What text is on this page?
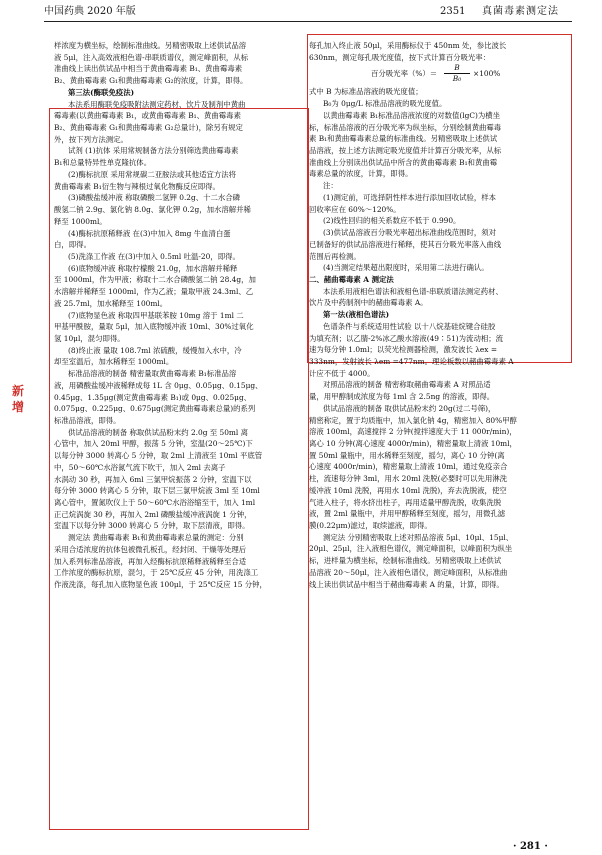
中国药典 2020 年版	2351 真菌毒素测定法
新
增

样浓度为横坐标，绘制标准曲线。另精密吸取上述供试品溶

液 5μl，注入高效液相色谱-串联质谱仪，测定峰面积，从标

准曲线上读出供试品中相当于黄曲霉毒素 B₁、黄曲霉毒素

B₂、黄曲霉毒素 G₁和黄曲霉毒素 G₂的浓度，计算，即得。

第三法(酶联免疫法)

本法系用酶联免疫吸附法测定药材、饮片及制剂中黄曲

霉毒素(以黄曲霉毒素 B₁，或黄曲霉毒素 B₁、黄曲霉毒素

B₂、黄曲霉毒素 G₁和黄曲霉毒素 G₂总量计)，除另有规定

外，按下列方法测定。

试剂 (1)抗体 采用常规制备方法分别筛选黄曲霉毒素

B₁和总量特异性单克隆抗体。

(2)酶标抗原 采用常规碳二亚胺法或其他适宜方法将

黄曲霉毒素 B₁衍生物与辣根过氧化物酶反应即得。

(3)磷酸盐缓冲液 称取磷酸二氢钾 0.2g、十二水合磷

酸氢二钠 2.9g、氯化钠 8.0g、氯化钾 0.2g，加水溶解并稀

释至 1000ml。

(4)酶标抗原稀释液 在(3)中加入 8mg 牛血清白蛋

白，即得。

(5)洗涤工作液 在(3)中加入 0.5ml 吐温-20，即得。

(6)底物缓冲液 称取柠檬酸 21.0g，加水溶解并稀释

至 1000ml，作为甲液；称取十二水合磷酸氢二钠 28.4g，加

水溶解并稀释至 1000ml，作为乙液；量取甲液 24.3ml、乙

液 25.7ml，加水稀释至 100ml。

(7)底物显色液 称取四甲基联苯胺 10mg 溶于 1ml 二

甲基甲酰胺，量取 5μl，加入底物缓冲液 10ml、30%过氧化

氢 10μl，混匀即得。

(8)终止液 量取 108.7ml 浓硫酸，缓慢加入水中，冷

却至室温后，加水稀释至 1000ml。

标准品溶液的制备 精密量取黄曲霉毒素 B₁标准品溶

液，用磷酸盐缓冲液稀释成每 1L 含 0μg、0.05μg、0.15μg、

0.45μg、1.35μg(测定黄曲霉毒素 B₁)或 0μg、0.025μg、

0.075μg、0.225μg、0.675μg(测定黄曲霉毒素总量)的系列

标准品溶液，即得。

供试品溶液的制备 称取供试品粉末约 2.0g 至 50ml 离

心管中，加入 20ml 甲醇，振荡 5 分钟，室温(20～25℃)下

以每分钟 3000 转离心 5 分钟，取 2ml 上清液至 10ml 平底管

中，50～60℃水浴氮气流下吹干，加入 2ml 去离子

水涡动 30 秒，再加入 6ml 三氯甲烷振荡 2 分钟，室温下以

每分钟 3000 转离心 5 分钟，取下层三氯甲烷液 3ml 至 10ml

离心管中，置氮吹仪上于 50～60℃水浴浴缩至干，加入 1ml

正己烷涡旋 30 秒，再加入 2ml 磷酸盐缓冲液涡旋 1 分钟，

室温下以每分钟 3000 转离心 5 分钟，取下层清液，即得。

测定法 黄曲霉毒素 B₁和黄曲霉毒素总量的测定：分别

采用合适浓度的抗体包被微孔板孔，经封闭、干燥等处理后

加入系列标准品溶液，再加入经酶标抗原稀释液稀释至合适

工作浓度的酶标抗原，混匀，于 25℃反应 45 分钟，用洗涤工

作液洗涤，每孔加入底物显色液 100μl，于 25℃反应 15 分钟，

每孔加入终止液 50μl，采用酶标仪于 450nm 处，参比波长

630nm，测定每孔吸光度值，按下式计算百分吸光率：

百分吸光率（%）＝
B
B₀
×100%

式中 B 为标准品溶液的吸光度值；

B₀为 0μg/L 标准品溶液的吸光度值。

以黄曲霉毒素 B₁标准品溶液浓度的对数值(lgC)为横坐

标，标准品溶液的百分吸光率为纵坐标，分别绘制黄曲霉毒

素 B₁和黄曲霉毒素总量的标准曲线。另精密吸取上述供试

品溶液，按上述方法测定吸光度值并计算百分吸光率，从标

准曲线上分别读出供试品中所含的黄曲霉毒素 B₁和黄曲霉

毒素总量的浓度，计算，即得。

注：

(1)测定前，可选择阴性样本进行添加回收试验，样本

回收率应在 60%～120%。

(2)线性回归的相关系数应不低于 0.990。

(3)供试品溶液百分吸光率超出标准曲线范围时，须对

已制备好的供试品溶液进行稀释，使其百分吸光率落入曲线

范围后再检测。

(4)当测定结果超出限度时，采用第二法进行确认。

二、赭曲霉毒素 A 测定法

本法系用液相色谱法和液相色谱-串联质谱法测定药材、

饮片及中药制剂中的赭曲霉毒素 A。

第一法(液相色谱法)

色谱条件与系统适用性试验 以十八烷基硅烷键合硅胶

为填充剂；以乙腈-2%冰乙酸水溶液(49∶51)为流动相；流

速为每分钟 1.0ml；以荧光检测器检测，激发波长 λex =

333nm，发射波长 λem =477nm。理论板数以赭曲霉毒素 A

计应不低于 4000。

对照品溶液的制备 精密称取赭曲霉毒素 A 对照品适

量，用甲醇制成浓度为每 1ml 含 2.5ng 的溶液，即得。

供试品溶液的制备 取供试品粉末约 20g(过二号筛)，

精密称定，置于均质瓶中，加入氯化钠 4g，精密加入 80%甲醇

溶液 100ml，高速搅拌 2 分钟(搅拌速度大于 11 000r/min)，

离心 10 分钟(离心速度 4000r/min)，精密量取上清液 10ml，

置 50ml 量瓶中，用水稀释至刻度，摇匀，离心 10 分钟(离

心速度 4000r/min)，精密量取上清液 10ml，通过免疫亲合

柱，流速每分钟 3ml，用水 20ml 洗脱(必要时可以先用淋洗

缓冲液 10ml 洗脱，再用水 10ml 洗脱)，弃去洗脱液，使空

气进入柱子，将水挤出柱子，再用适量甲醇洗脱，收集洗脱

液，置 2ml 量瓶中，并用甲醇稀释至刻度，摇匀，用微孔滤

膜(0.22μm)滤过，取续滤液，即得。

测定法 分别精密吸取上述对照品溶液 5μl、10μl、15μl、

20μl、25μl，注入液相色谱仪，测定峰面积，以峰面积为纵坐

标，进样量为横坐标，绘制标准曲线。另精密吸取上述供试

品溶液 20～50μl，注入液相色谱仪，测定峰面积，从标准曲

线上读出供试品中相当于赭曲霉毒素 A 的量，计算，即得。

· 281 ·
